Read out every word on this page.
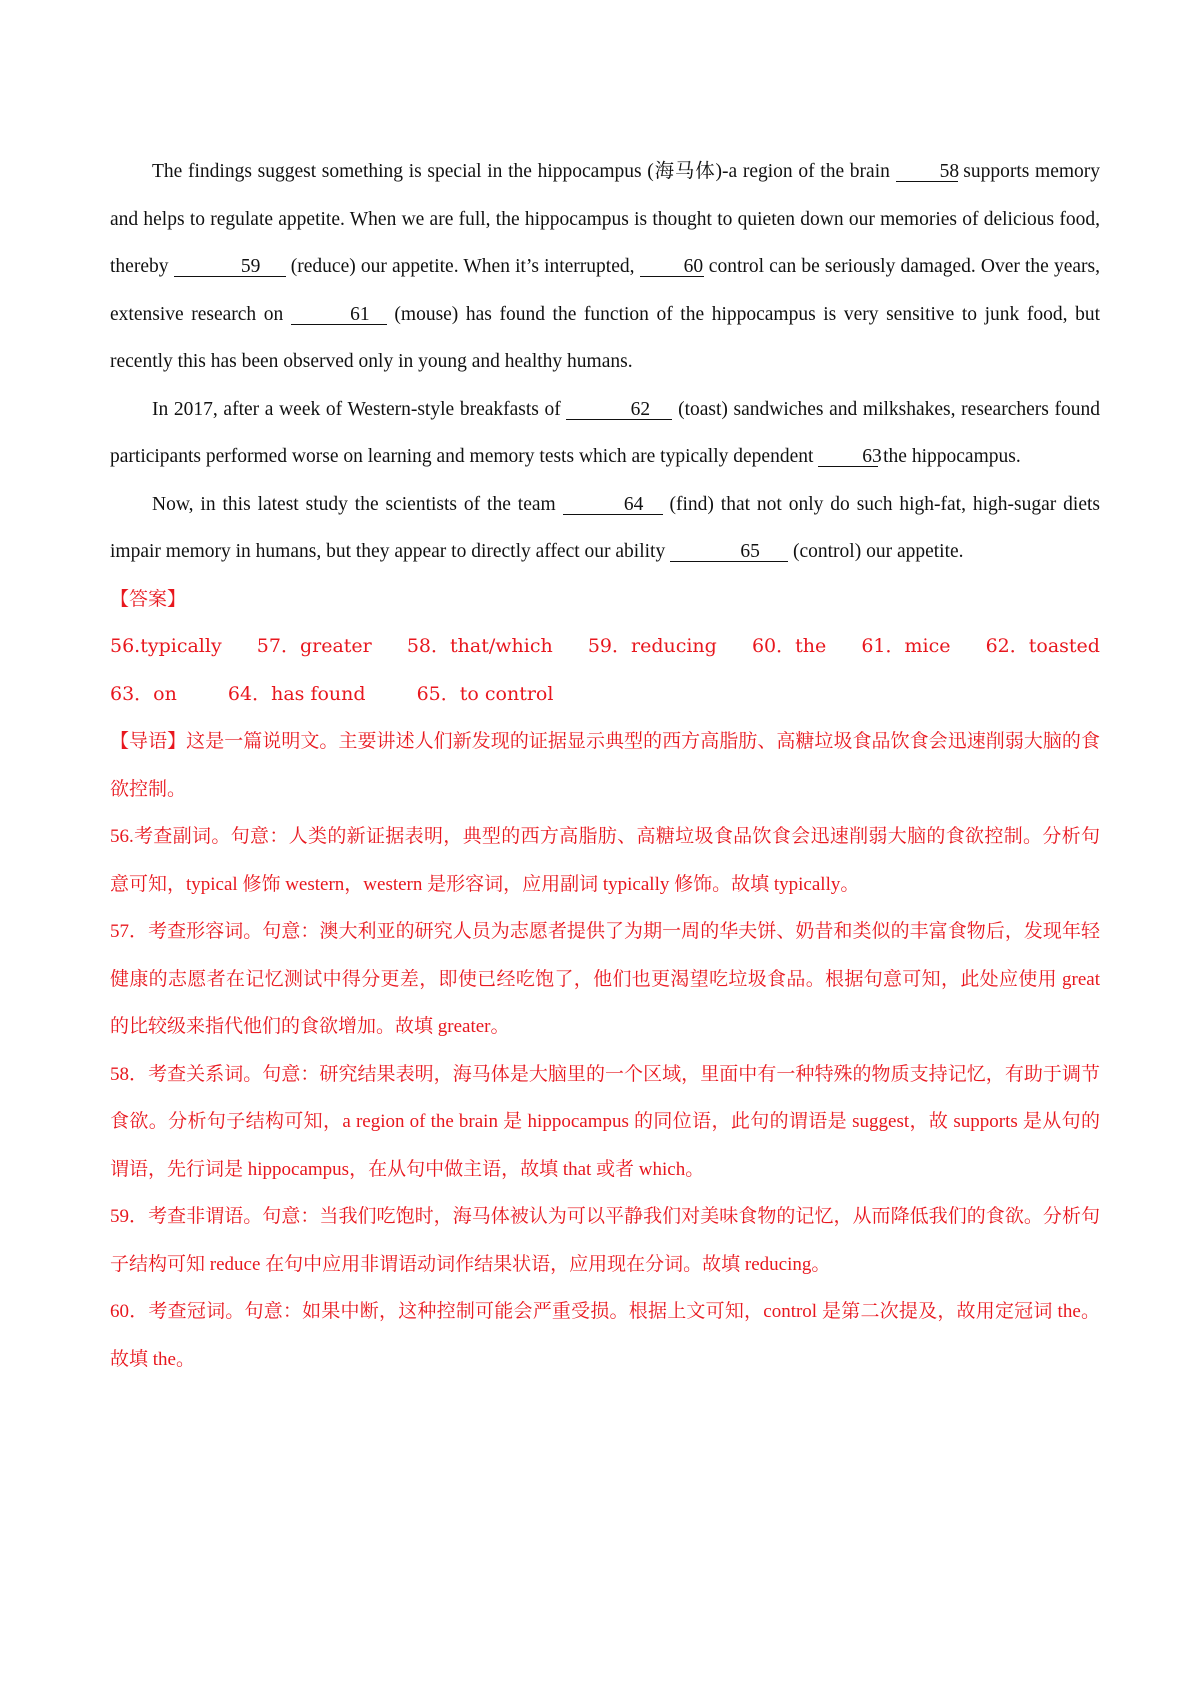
The findings suggest something is special in the hippocampus (海马体)-a region of the brain 58 supports memory and helps to regulate appetite. When we are full, the hippocampus is thought to quieten down our memories of delicious food, thereby	59 (reduce) our appetite. When it’s interrupted, 60 control can be seriously damaged. Over the years, extensive research on	61 (mouse) has found the function of the hippocampus is very sensitive to junk food, but recently this has been observed only in young and healthy humans.

In 2017, after a week of Western-style breakfasts of	62 (toast) sandwiches and milkshakes, researchers found participants performed worse on learning and memory tests which are typically dependent 63 the hippocampus.

Now, in this latest study the scientists of the team	64 (find) that not only do such high-fat, high-sugar diets impair memory in humans, but they appear to directly affect our ability	65 (control) our appetite.

【答案】

56.typically 57．greater 58．that/which 59．reducing 60．the 61．mice 62．toasted
63．on	64．has found	65．to control

【导语】这是一篇说明文。主要讲述人们新发现的证据显示典型的西方高脂肪、高糖垃圾食品饮食会迅速削弱大脑的食欲控制。

56.考查副词。句意：人类的新证据表明，典型的西方高脂肪、高糖垃圾食品饮食会迅速削弱大脑的食欲控制。分析句意可知，typical 修饰 western，western 是形容词，应用副词 typically 修饰。故填 typically。

57．考查形容词。句意：澳大利亚的研究人员为志愿者提供了为期一周的华夫饼、奶昔和类似的丰富食物后，发现年轻健康的志愿者在记忆测试中得分更差，即使已经吃饱了，他们也更渴望吃垃圾食品。根据句意可知，此处应使用 great 的比较级来指代他们的食欲增加。故填 greater。

58．考查关系词。句意：研究结果表明，海马体是大脑里的一个区域，里面中有一种特殊的物质支持记忆，有助于调节食欲。分析句子结构可知，a region of the brain 是 hippocampus 的同位语，此句的谓语是 suggest，故 supports 是从句的谓语，先行词是 hippocampus，在从句中做主语，故填 that 或者 which。

59．考查非谓语。句意：当我们吃饱时，海马体被认为可以平静我们对美味食物的记忆，从而降低我们的食欲。分析句子结构可知 reduce 在句中应用非谓语动词作结果状语，应用现在分词。故填 reducing。

60．考查冠词。句意：如果中断，这种控制可能会严重受损。根据上文可知，control 是第二次提及，故用定冠词 the。故填 the。
